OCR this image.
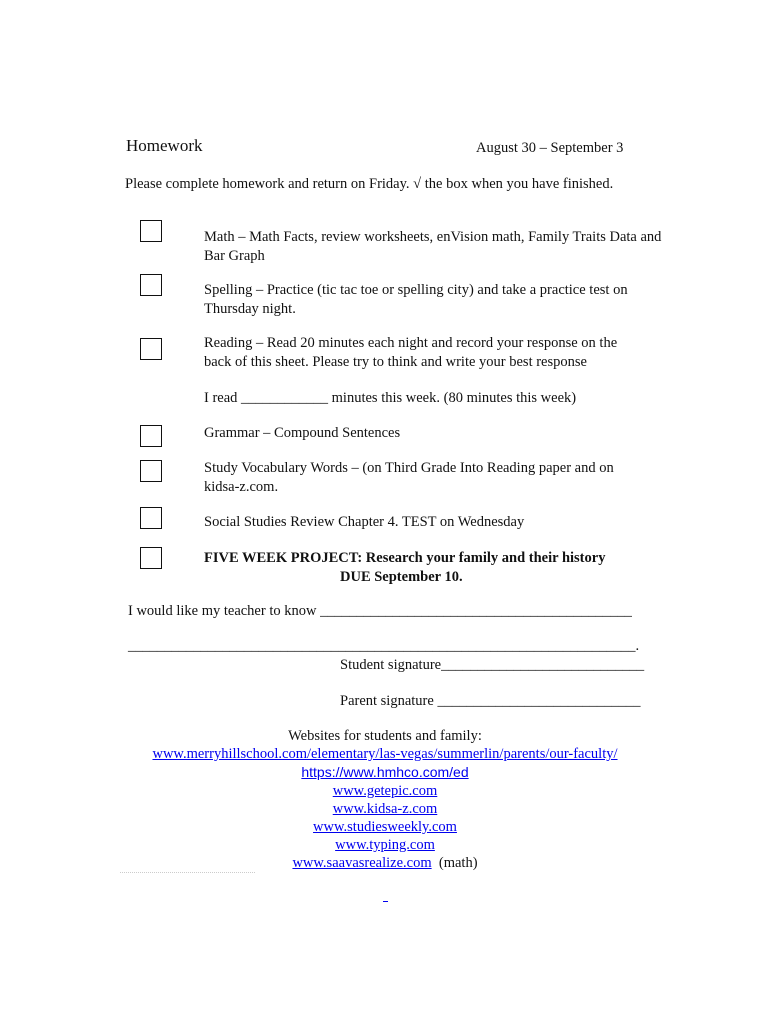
Homework	August 30 – September 3
Please complete homework and return on Friday. √ the box when you have finished.
Math – Math Facts, review worksheets, enVision math, Family Traits Data and Bar Graph
Spelling – Practice (tic tac toe or spelling city) and take a practice test on Thursday night.
Reading – Read 20 minutes each night and record your response on the back of this sheet. Please try to think and write your best response
I read ____________ minutes this week. (80 minutes this week)
Grammar – Compound Sentences
Study Vocabulary Words – (on Third Grade Into Reading paper and on kidsa-z.com.
Social Studies Review Chapter 4. TEST on Wednesday
FIVE WEEK PROJECT: Research your family and their history
DUE September 10.
I would like my teacher to know ___________________________________________
______________________________________________________________________.
Student signature____________________________
Parent signature ____________________________
Websites for students and family:
www.merryhillschool.com/elementary/las-vegas/summerlin/parents/our-faculty/
https://www.hmhco.com/ed
www.getepic.com
www.kidsa-z.com
www.studiesweekly.com
www.typing.com
www.saavasrealize.com (math)
